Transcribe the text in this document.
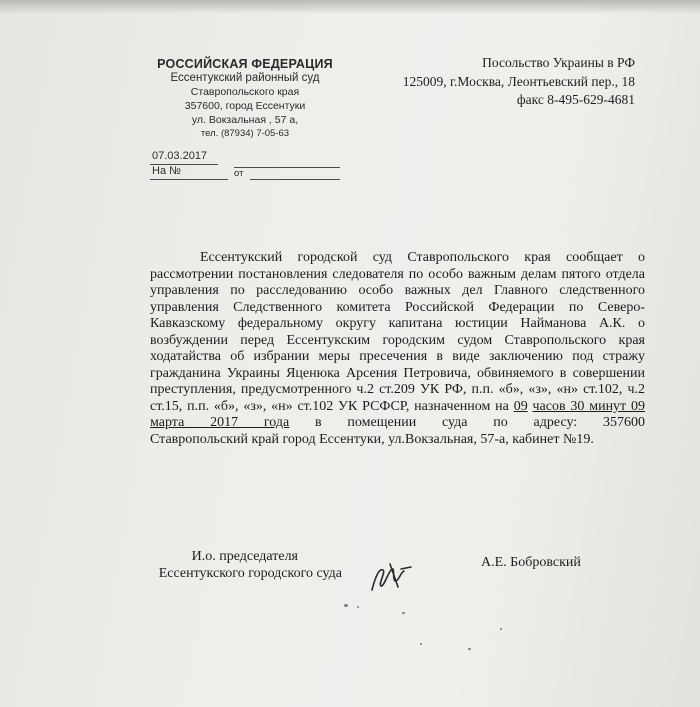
РОССИЙСКАЯ ФЕДЕРАЦИЯ
Ессентукский районный суд
Ставропольского края
357600, город Ессентуки
ул. Вокзальная , 57 а,
тел. (87934) 7-05-63
Посольство Украины в РФ
125009, г.Москва, Леонтьевский пер., 18
факс 8-495-629-4681
07.03.2017
На №	от
Ессентукский городской суд Ставропольского края сообщает о рассмотрении постановления следователя по особо важным делам пятого отдела управления по расследованию особо важных дел Главного следственного управления Следственного комитета Российской Федерации по Северо-Кавказскому федеральному округу капитана юстиции Найманова А.К. о возбуждении перед Ессентукским городским судом Ставропольского края ходатайства об избрании меры пресечения в виде заключению под стражу гражданина Украины Яценюка Арсения Петровича, обвиняемого в совершении преступления, предусмотренного ч.2 ст.209 УК РФ, п.п. «б», «з», «н» ст.102, ч.2 ст.15, п.п. «б», «з», «н» ст.102 УК РСФСР, назначенном на 09 часов 30 минут 09 марта 2017 года в помещении суда по адресу: 357600
Ставропольский край город Ессентуки, ул.Вокзальная, 57-а, кабинет №19.
И.о. председателя
Ессентукского городского суда
А.Е. Бобровский
